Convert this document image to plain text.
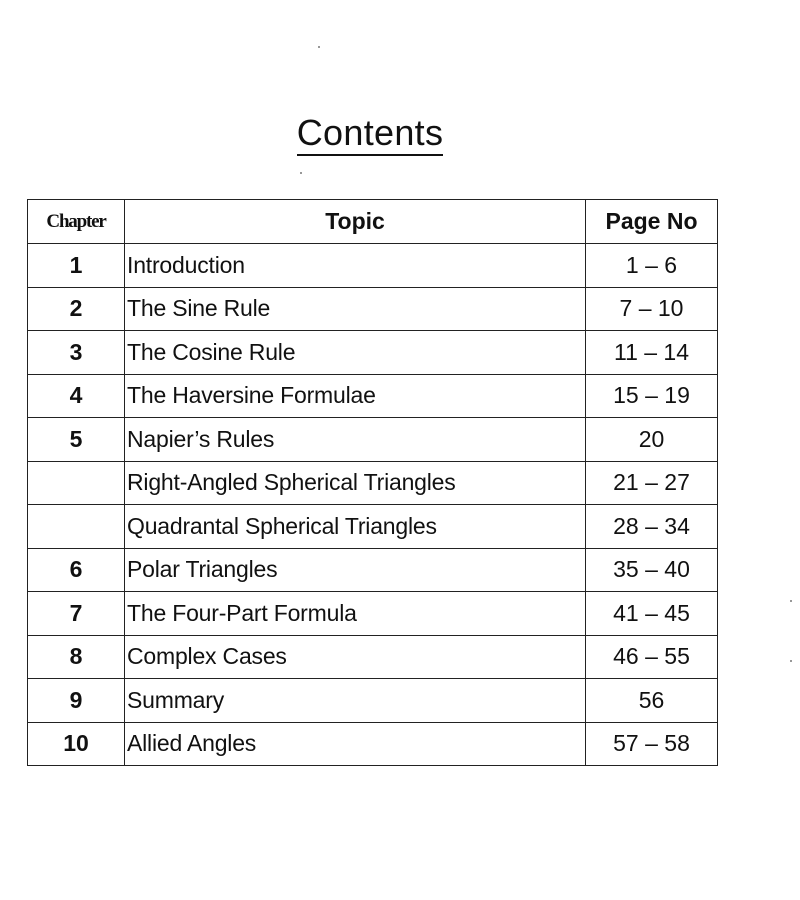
Contents
Chapter	Topic	Page No
1	Introduction	1 – 6
2	The Sine Rule	7 – 10
3	The Cosine Rule	11 – 14
4	The Haversine Formulae	15 – 19
5	Napier’s Rules	20
	Right-Angled Spherical Triangles	21 – 27
	Quadrantal Spherical Triangles	28 – 34
6	Polar Triangles	35 – 40
7	The Four-Part Formula	41 – 45
8	Complex Cases	46 – 55
9	Summary	56
10	Allied Angles	57 – 58
